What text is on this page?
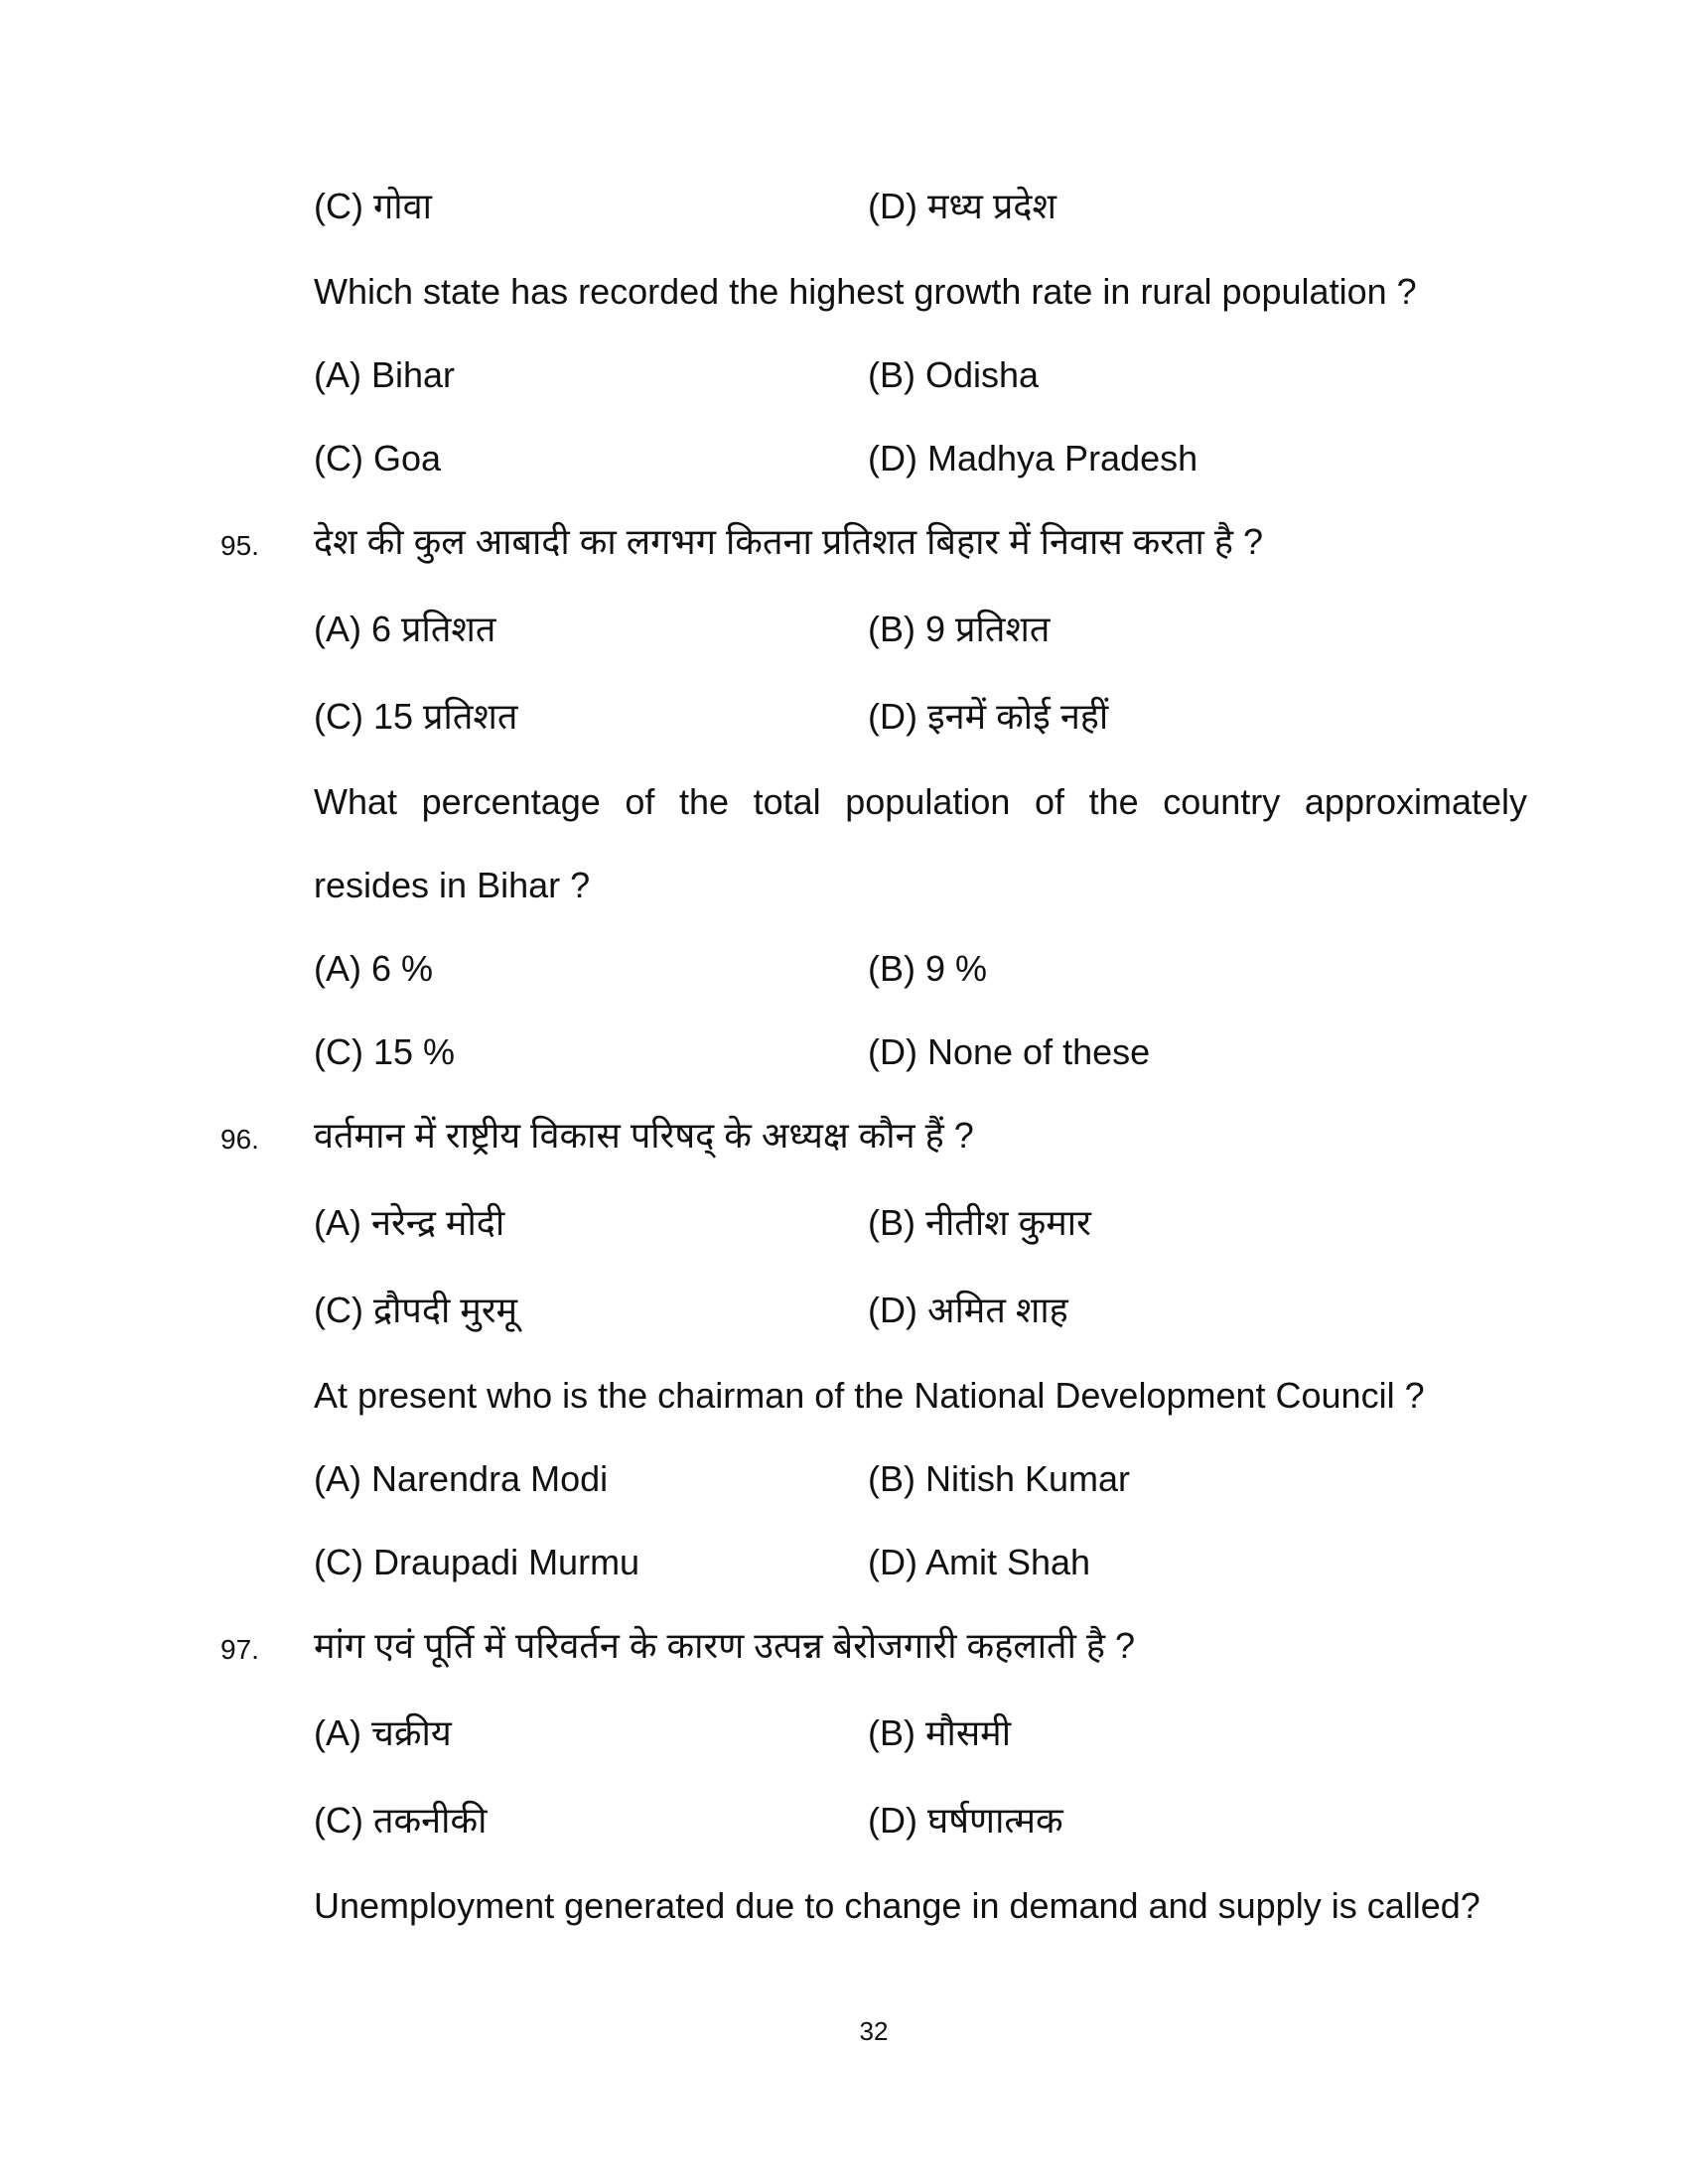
(C) गोवा	(D) मध्य प्रदेश
Which state has recorded the highest growth rate in rural population ?
(A) Bihar	(B) Odisha
(C) Goa	(D) Madhya Pradesh
95. देश की कुल आबादी का लगभग कितना प्रतिशत बिहार में निवास करता है ?
(A) 6 प्रतिशत	(B) 9 प्रतिशत
(C) 15 प्रतिशत	(D) इनमें कोई नहीं
What percentage of the total population of the country approximately
resides in Bihar ?
(A) 6 %	(B) 9 %
(C) 15 %	(D) None of these
96. वर्तमान में राष्ट्रीय विकास परिषद् के अध्यक्ष कौन हैं ?
(A) नरेन्द्र मोदी	(B) नीतीश कुमार
(C) द्रौपदी मुरमू	(D) अमित शाह
At present who is the chairman of the National Development Council ?
(A) Narendra Modi	(B) Nitish Kumar
(C) Draupadi Murmu	(D) Amit Shah
97. मांग एवं पूर्ति में परिवर्तन के कारण उत्पन्न बेरोजगारी कहलाती है ?
(A) चक्रीय	(B) मौसमी
(C) तकनीकी	(D) घर्षणात्मक
Unemployment generated due to change in demand and supply is called?
32
